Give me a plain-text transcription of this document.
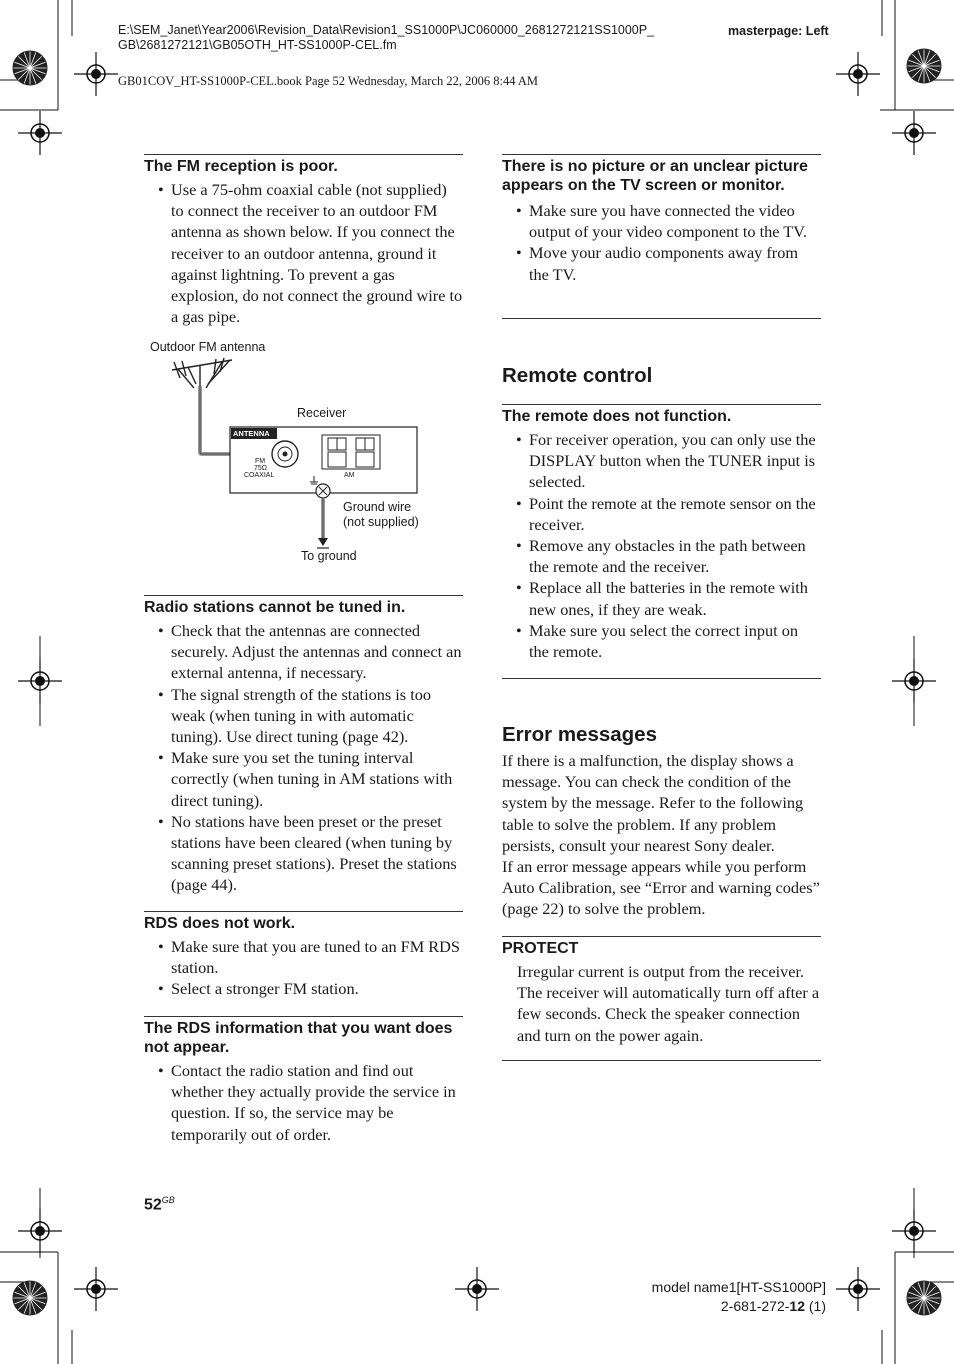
E:\SEM_Janet\Year2006\Revision_Data\Revision1_SS1000P\JC060000_2681272121SS1000P_
GB\2681272121\GB05OTH_HT-SS1000P-CEL.fm
masterpage: Left
GB01COV_HT-SS1000P-CEL.book Page 52 Wednesday, March 22, 2006 8:44 AM

The FM reception is poor.

• Use a 75-ohm coaxial cable (not supplied) to connect the receiver to an outdoor FM antenna as shown below. If you connect the receiver to an outdoor antenna, ground it against lightning. To prevent a gas explosion, do not connect the ground wire to a gas pipe.
Outdoor FM antenna
Receiver
ANTENNA
FM
75Ω
COAXIAL	AM
Ground wire
(not supplied)
To ground

Radio stations cannot be tuned in.

• Check that the antennas are connected securely. Adjust the antennas and connect an external antenna, if necessary.
• The signal strength of the stations is too weak (when tuning in with automatic tuning). Use direct tuning (page 42).
• Make sure you set the tuning interval correctly (when tuning in AM stations with direct tuning).
• No stations have been preset or the preset stations have been cleared (when tuning by scanning preset stations). Preset the stations (page 44).

RDS does not work.

• Make sure that you are tuned to an FM RDS station.
• Select a stronger FM station.

The RDS information that you want does not appear.

• Contact the radio station and find out whether they actually provide the service in question. If so, the service may be temporarily out of order.

There is no picture or an unclear picture appears on the TV screen or monitor.

• Make sure you have connected the video output of your video component to the TV.
• Move your audio components away from the TV.
Remote control

The remote does not function.

• For receiver operation, you can only use the DISPLAY button when the TUNER input is selected.
• Point the remote at the remote sensor on the receiver.
• Remove any obstacles in the path between the remote and the receiver.
• Replace all the batteries in the remote with new ones, if they are weak.
• Make sure you select the correct input on the remote.
Error messages

If there is a malfunction, the display shows a message. You can check the condition of the system by the message. Refer to the following table to solve the problem. If any problem persists, consult your nearest Sony dealer.

If an error message appears while you perform Auto Calibration, see “Error and warning codes” (page 22) to solve the problem.

PROTECT

Irregular current is output from the receiver. The receiver will automatically turn off after a few seconds. Check the speaker connection and turn on the power again.

$52^{GB}$
model name1[HT-SS1000P]
2-681-272-12 (1)
